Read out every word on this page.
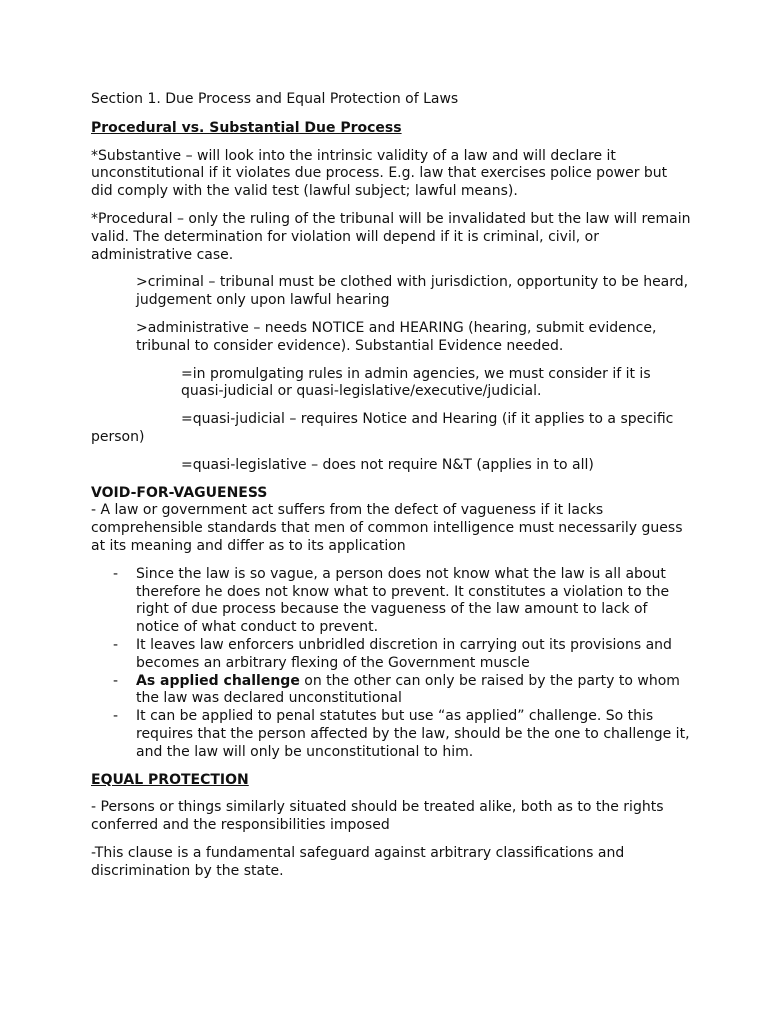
Section 1. Due Process and Equal Protection of Laws

Procedural vs. Substantial Due Process

*Substantive – will look into the intrinsic validity of a law and will declare it unconstitutional if it violates due process. E.g. law that exercises police power but did comply with the valid test (lawful subject; lawful means).

*Procedural – only the ruling of the tribunal will be invalidated but the law will remain valid. The determination for violation will depend if it is criminal, civil, or administrative case.

>criminal – tribunal must be clothed with jurisdiction, opportunity to be heard, judgement only upon lawful hearing

>administrative – needs NOTICE and HEARING (hearing, submit evidence, tribunal to consider evidence). Substantial Evidence needed.

=in promulgating rules in admin agencies, we must consider if it is quasi-judicial or quasi-legislative/executive/judicial.

=quasi-judicial – requires Notice and Hearing (if it applies to a specific person)

=quasi-legislative – does not require N&T (applies in to all)

VOID-FOR-VAGUENESS

- A law or government act suffers from the defect of vagueness if it lacks comprehensible standards that men of common intelligence must necessarily guess at its meaning and differ as to its application

- Since the law is so vague, a person does not know what the law is all about therefore he does not know what to prevent. It constitutes a violation to the right of due process because the vagueness of the law amount to lack of notice of what conduct to prevent.
- It leaves law enforcers unbridled discretion in carrying out its provisions and becomes an arbitrary flexing of the Government muscle
- As applied challenge on the other can only be raised by the party to whom the law was declared unconstitutional
- It can be applied to penal statutes but use “as applied” challenge. So this requires that the person affected by the law, should be the one to challenge it, and the law will only be unconstitutional to him.

EQUAL PROTECTION

- Persons or things similarly situated should be treated alike, both as to the rights conferred and the responsibilities imposed

-This clause is a fundamental safeguard against arbitrary classifications and discrimination by the state.
